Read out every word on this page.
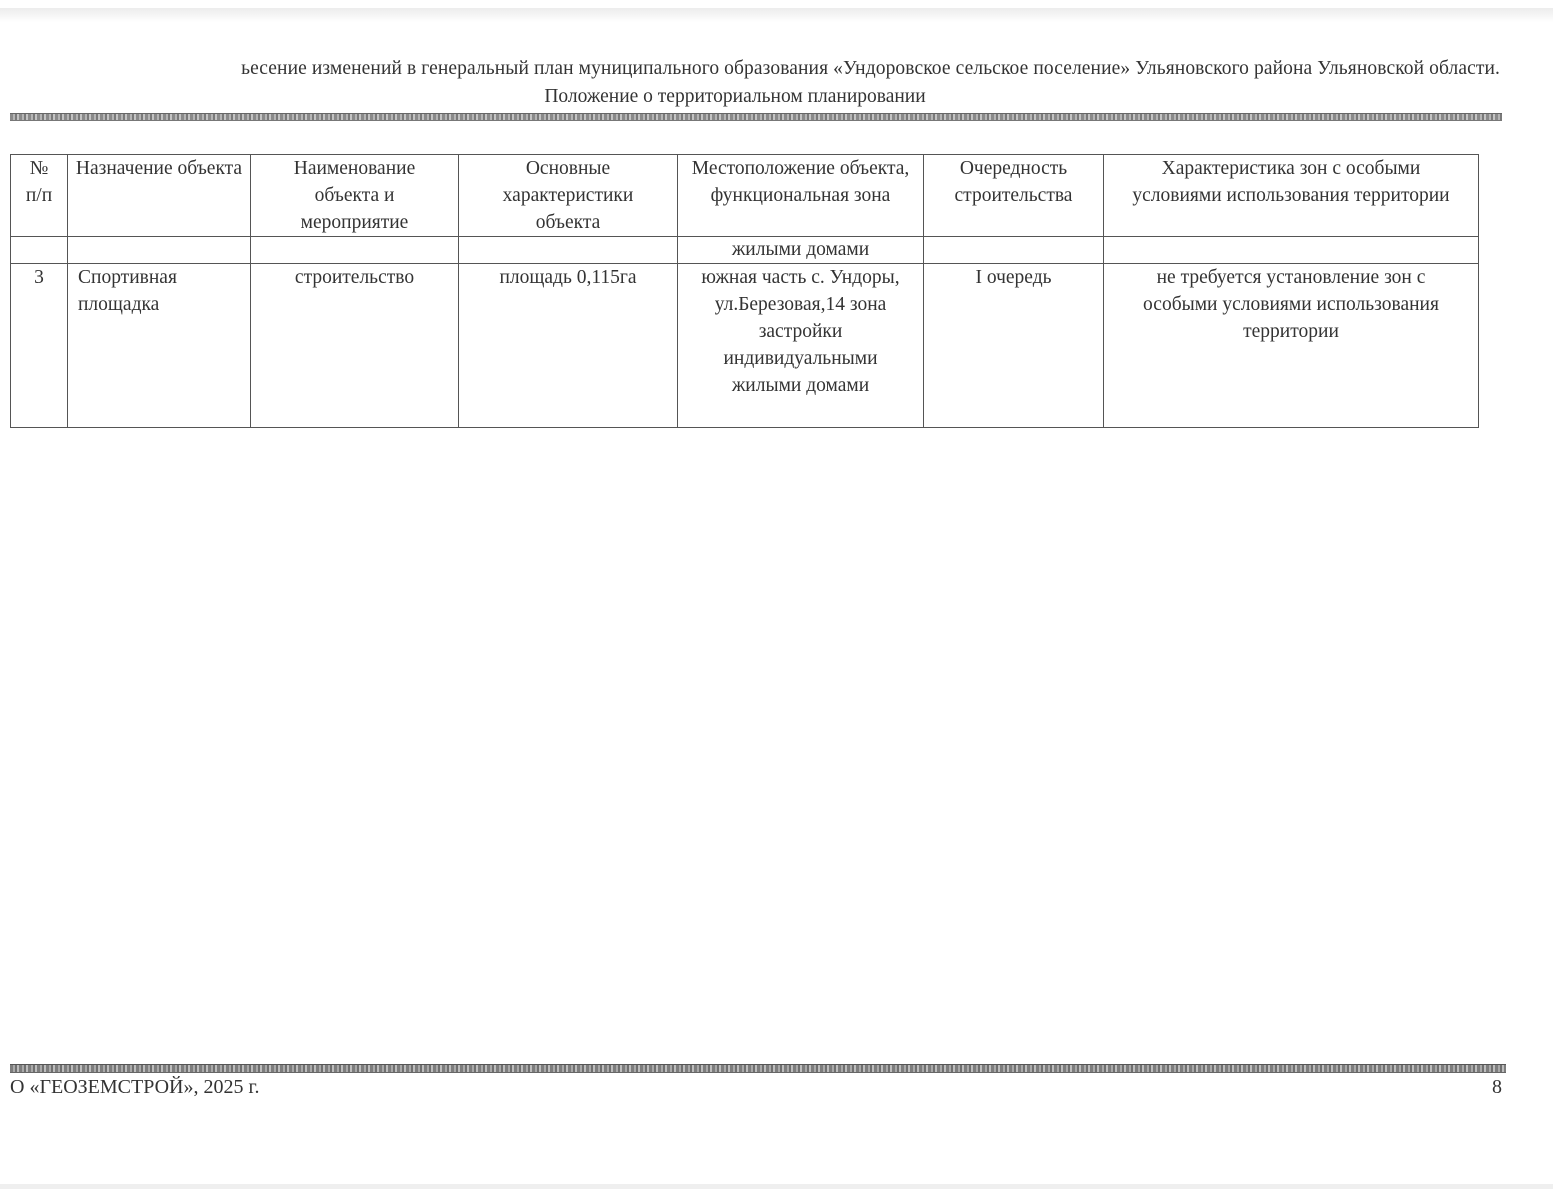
ьесение изменений в генеральный план муниципального образования «Ундоровское сельское поселение» Ульяновского района Ульяновской области.
Положение о территориальном планировании
№ п/п	Назначение объекта	Наименование объекта и мероприятие	Основные характеристики объекта	Местоположение объекта, функциональная зона	Очередность строительства	Характеристика зон с особыми условиями использования территории
				жилыми домами		
3	Спортивная площадка	строительство	площадь 0,115га	южная часть с. Ундоры, ул.Березовая,14 зона застройки индивидуальными жилыми домами	I очередь	не требуется установление зон с особыми условиями использования территории
О «ГЕОЗЕМСТРОЙ», 2025 г.	8
